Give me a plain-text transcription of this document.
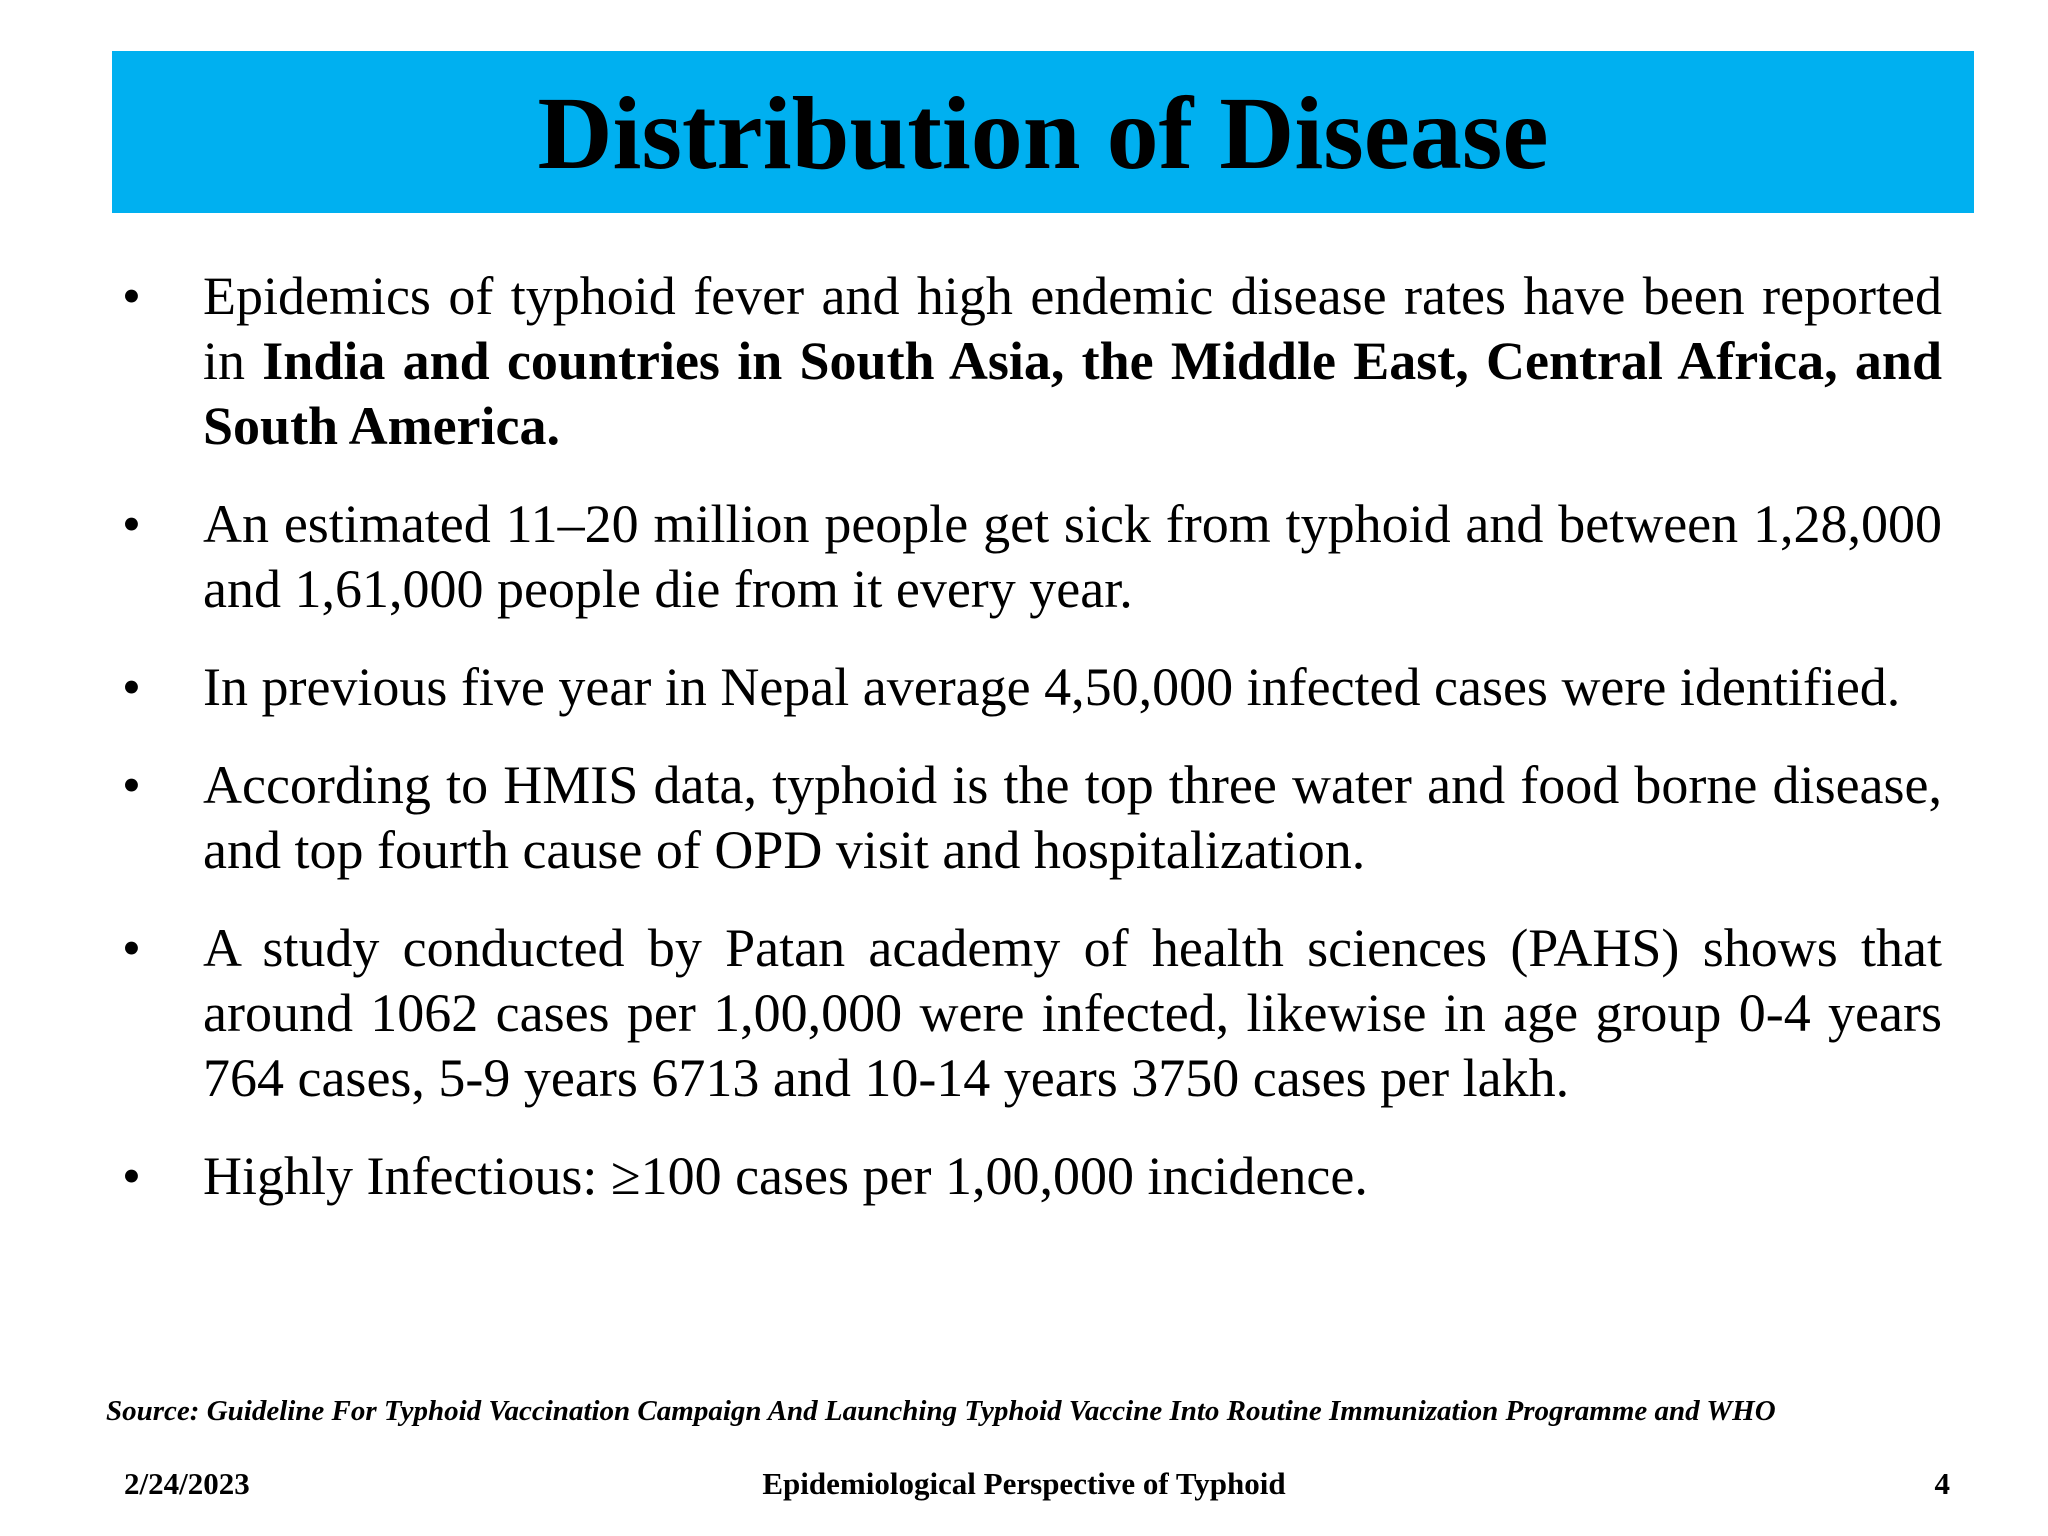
Distribution of Disease
•	Epidemics of typhoid fever and high endemic disease rates have been reported in India and countries in South Asia, the Middle East, Central Africa, and South America.
•	An estimated 11–20 million people get sick from typhoid and between 1,28,000 and 1,61,000 people die from it every year.
•	In previous five year in Nepal average 4,50,000 infected cases were identified.
•	According to HMIS data, typhoid is the top three water and food borne disease, and top fourth cause of OPD visit and hospitalization.
•	A study conducted by Patan academy of health sciences (PAHS) shows that around 1062 cases per 1,00,000 were infected, likewise in age group 0-4 years 764 cases, 5-9 years 6713 and 10-14 years 3750 cases per lakh.
•	Highly Infectious: ≥100 cases per 1,00,000 incidence.
Source: Guideline For Typhoid Vaccination Campaign And Launching Typhoid Vaccine Into Routine Immunization Programme and WHO
2/24/2023	Epidemiological Perspective of Typhoid	4
